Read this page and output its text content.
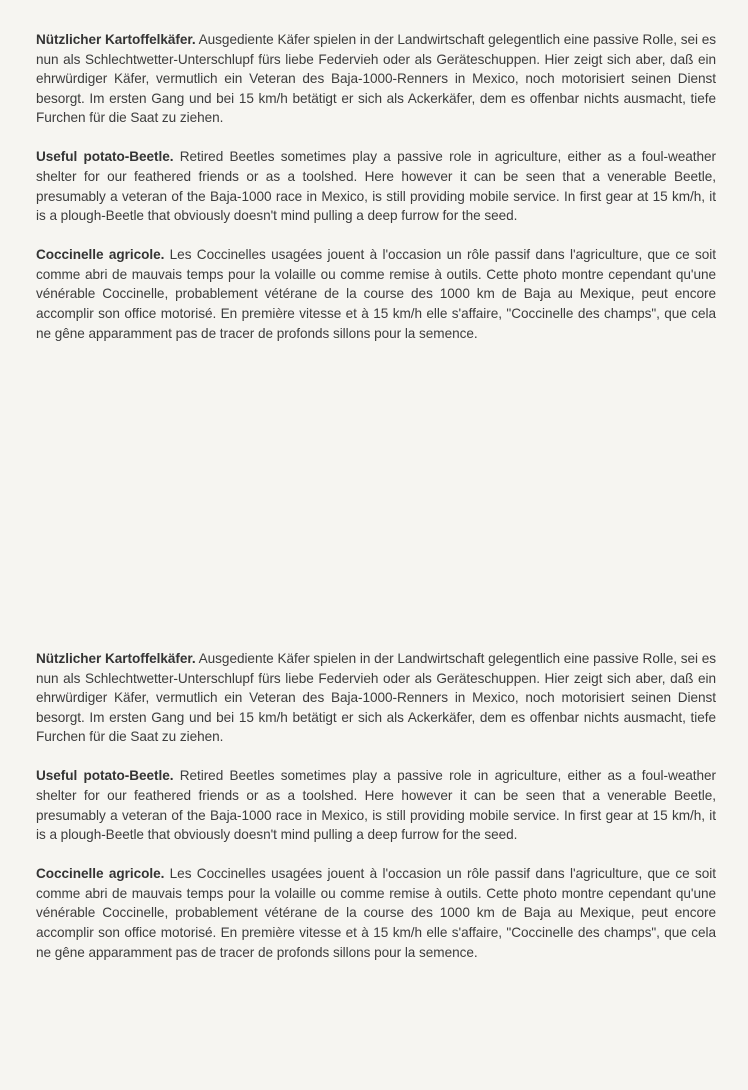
Nützlicher Kartoffelkäfer. Ausgediente Käfer spielen in der Landwirtschaft gelegentlich eine passive Rolle, sei es nun als Schlechtwetter-Unterschlupf fürs liebe Federvieh oder als Geräteschuppen. Hier zeigt sich aber, daß ein ehrwürdiger Käfer, vermutlich ein Veteran des Baja-1000-Renners in Mexico, noch motorisiert seinen Dienst besorgt. Im ersten Gang und bei 15 km/h betätigt er sich als Ackerkäfer, dem es offenbar nichts ausmacht, tiefe Furchen für die Saat zu ziehen.

Useful potato-Beetle. Retired Beetles sometimes play a passive role in agriculture, either as a foul-weather shelter for our feathered friends or as a toolshed. Here however it can be seen that a venerable Beetle, presumably a veteran of the Baja-1000 race in Mexico, is still providing mobile service. In first gear at 15 km/h, it is a plough-Beetle that obviously doesn't mind pulling a deep furrow for the seed.

Coccinelle agricole. Les Coccinelles usagées jouent à l'occasion un rôle passif dans l'agriculture, que ce soit comme abri de mauvais temps pour la volaille ou comme remise à outils. Cette photo montre cependant qu'une vénérable Coccinelle, probablement vétérane de la course des 1000 km de Baja au Mexique, peut encore accomplir son office motorisé. En première vitesse et à 15 km/h elle s'affaire, "Coccinelle des champs", que cela ne gêne apparamment pas de tracer de profonds sillons pour la semence.

Nützlicher Kartoffelkäfer. Ausgediente Käfer spielen in der Landwirtschaft gelegentlich eine passive Rolle, sei es nun als Schlechtwetter-Unterschlupf fürs liebe Federvieh oder als Geräteschuppen. Hier zeigt sich aber, daß ein ehrwürdiger Käfer, vermutlich ein Veteran des Baja-1000-Renners in Mexico, noch motorisiert seinen Dienst besorgt. Im ersten Gang und bei 15 km/h betätigt er sich als Ackerkäfer, dem es offenbar nichts ausmacht, tiefe Furchen für die Saat zu ziehen.

Useful potato-Beetle. Retired Beetles sometimes play a passive role in agriculture, either as a foul-weather shelter for our feathered friends or as a toolshed. Here however it can be seen that a venerable Beetle, presumably a veteran of the Baja-1000 race in Mexico, is still providing mobile service. In first gear at 15 km/h, it is a plough-Beetle that obviously doesn't mind pulling a deep furrow for the seed.

Coccinelle agricole. Les Coccinelles usagées jouent à l'occasion un rôle passif dans l'agriculture, que ce soit comme abri de mauvais temps pour la volaille ou comme remise à outils. Cette photo montre cependant qu'une vénérable Coccinelle, probablement vétérane de la course des 1000 km de Baja au Mexique, peut encore accomplir son office motorisé. En première vitesse et à 15 km/h elle s'affaire, "Coccinelle des champs", que cela ne gêne apparamment pas de tracer de profonds sillons pour la semence.
